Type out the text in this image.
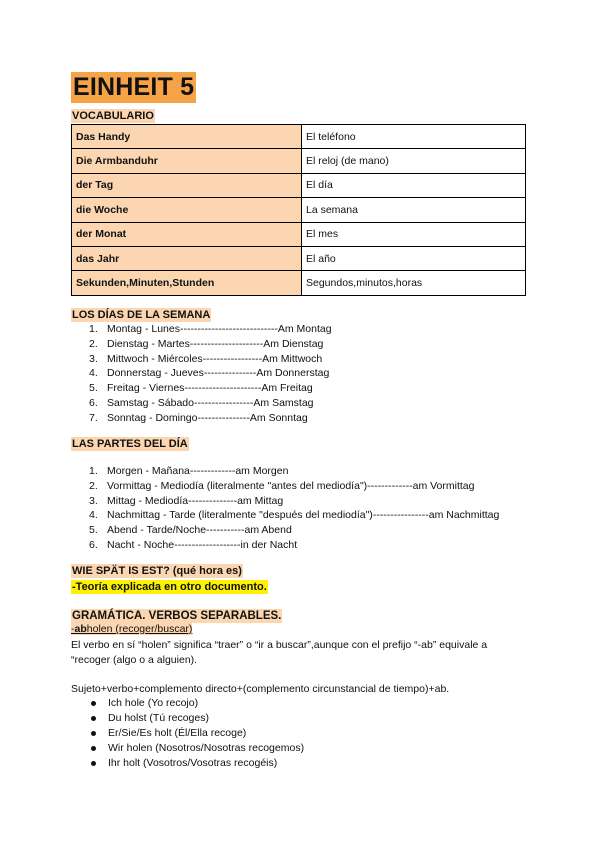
EINHEIT 5
VOCABULARIO
Das Handy	El teléfono
Die Armbanduhr	El reloj (de mano)
der Tag	El día
die Woche	La semana
der Monat	El mes
das Jahr	El año
Sekunden,Minuten,Stunden	Segundos,minutos,horas
LOS DÍAS DE LA SEMANA
1. Montag - Lunes----------------------------Am Montag
2. Dienstag - Martes---------------------Am Dienstag
3. Mittwoch - Miércoles-----------------Am Mittwoch
4. Donnerstag - Jueves---------------Am Donnerstag
5. Freitag - Viernes----------------------Am Freitag
6. Samstag - Sábado-----------------Am Samstag
7. Sonntag - Domingo---------------Am Sonntag
LAS PARTES DEL DÍA
1. Morgen - Mañana-------------am Morgen
2. Vormittag - Mediodía (literalmente "antes del mediodía")-------------am Vormittag
3. Mittag - Mediodía--------------am Mittag
4. Nachmittag - Tarde (literalmente "después del mediodía")----------------am Nachmittag
5. Abend - Tarde/Noche-----------am Abend
6. Nacht - Noche-------------------in der Nacht
WIE SPÄT IS EST? (qué hora es)
-Teoría explicada en otro documento.
GRAMÁTICA. VERBOS SEPARABLES.
-abholen (recoger/buscar)
El verbo en sí “holen” significa “traer” o “ir a buscar”,aunque con el prefijo “-ab” equivale a
“recoger (algo o a alguien).
Sujeto+verbo+complemento directo+(complemento circunstancial de tiempo)+ab.
Ich hole (Yo recojo)
Du holst (Tú recoges)
Er/Sie/Es holt (Él/Ella recoge)
Wir holen (Nosotros/Nosotras recogemos)
Ihr holt (Vosotros/Vosotras recogéis)
